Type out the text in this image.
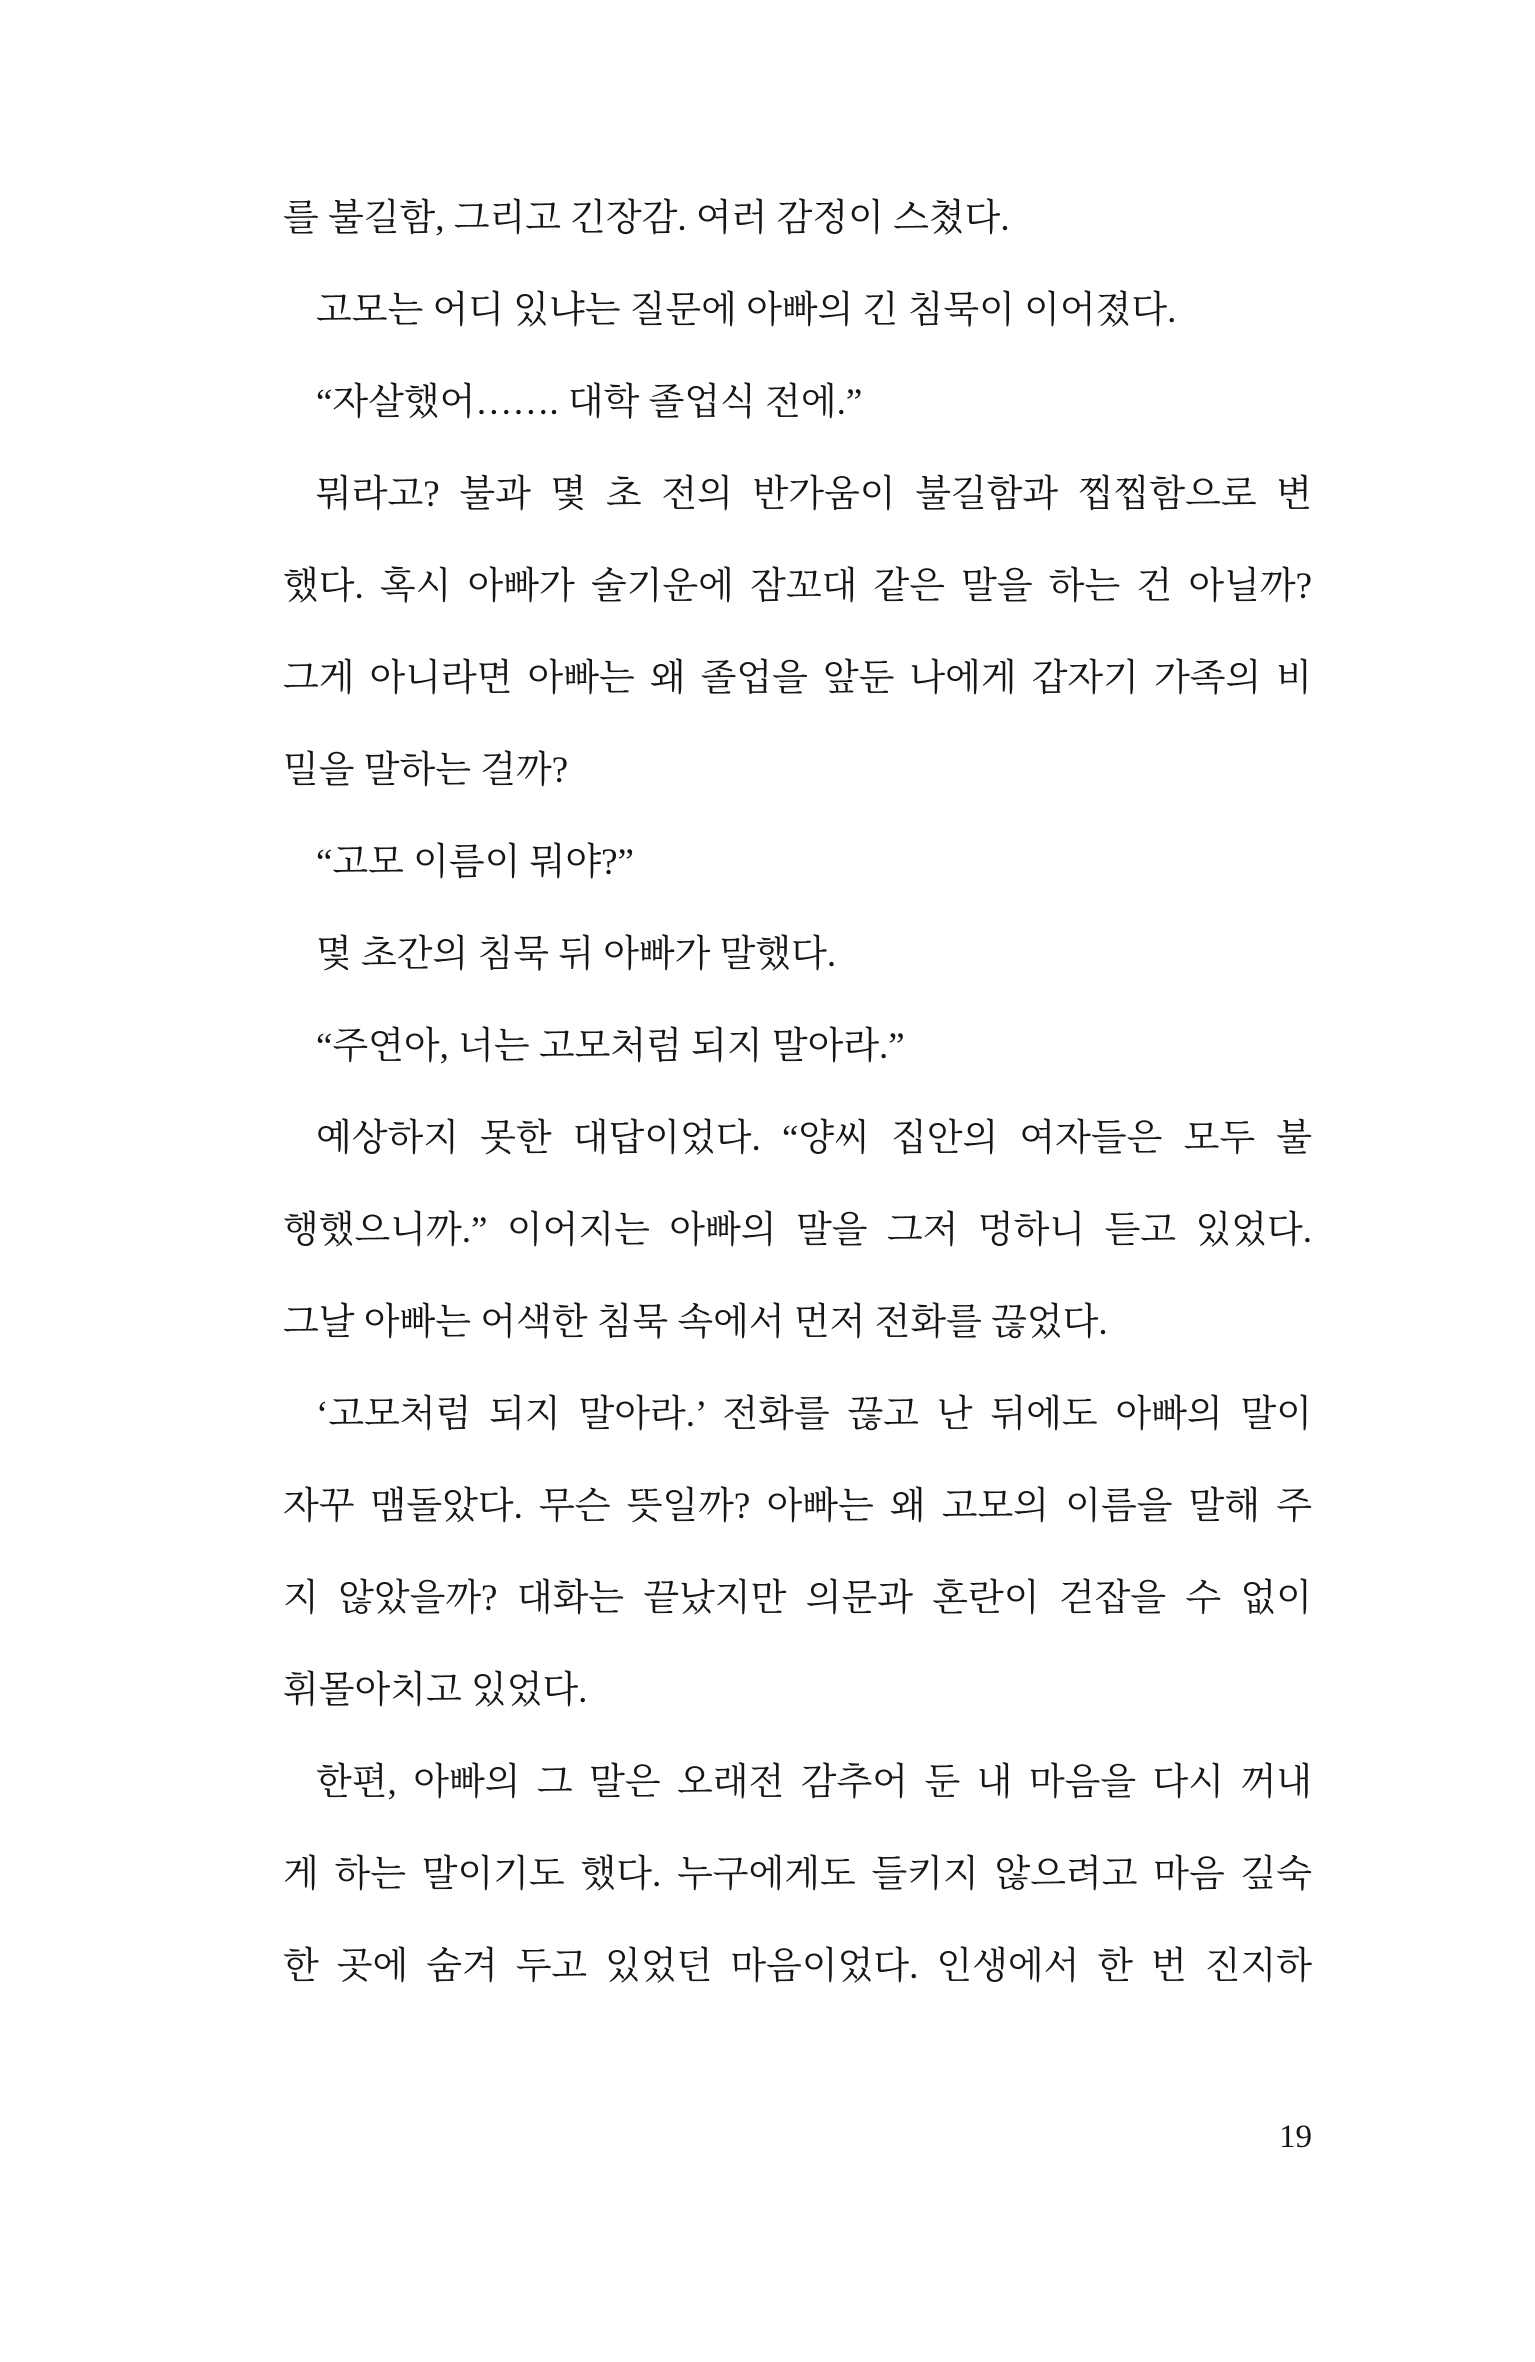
를 불길함, 그리고 긴장감. 여러 감정이 스쳤다.

고모는 어디 있냐는 질문에 아빠의 긴 침묵이 이어졌다.

“자살했어……. 대학 졸업식 전에.”

뭐라고? 불과 몇 초 전의 반가움이 불길함과 찝찝함으로 변

했다. 혹시 아빠가 술기운에 잠꼬대 같은 말을 하는 건 아닐까?

그게 아니라면 아빠는 왜 졸업을 앞둔 나에게 갑자기 가족의 비

밀을 말하는 걸까?

“고모 이름이 뭐야?”

몇 초간의 침묵 뒤 아빠가 말했다.

“주연아, 너는 고모처럼 되지 말아라.”

예상하지 못한 대답이었다. “양씨 집안의 여자들은 모두 불

행했으니까.” 이어지는 아빠의 말을 그저 멍하니 듣고 있었다.

그날 아빠는 어색한 침묵 속에서 먼저 전화를 끊었다.

‘고모처럼 되지 말아라.’ 전화를 끊고 난 뒤에도 아빠의 말이

자꾸 맴돌았다. 무슨 뜻일까? 아빠는 왜 고모의 이름을 말해 주

지 않았을까? 대화는 끝났지만 의문과 혼란이 걷잡을 수 없이

휘몰아치고 있었다.

한편, 아빠의 그 말은 오래전 감추어 둔 내 마음을 다시 꺼내

게 하는 말이기도 했다. 누구에게도 들키지 않으려고 마음 깊숙

한 곳에 숨겨 두고 있었던 마음이었다. 인생에서 한 번 진지하

19
